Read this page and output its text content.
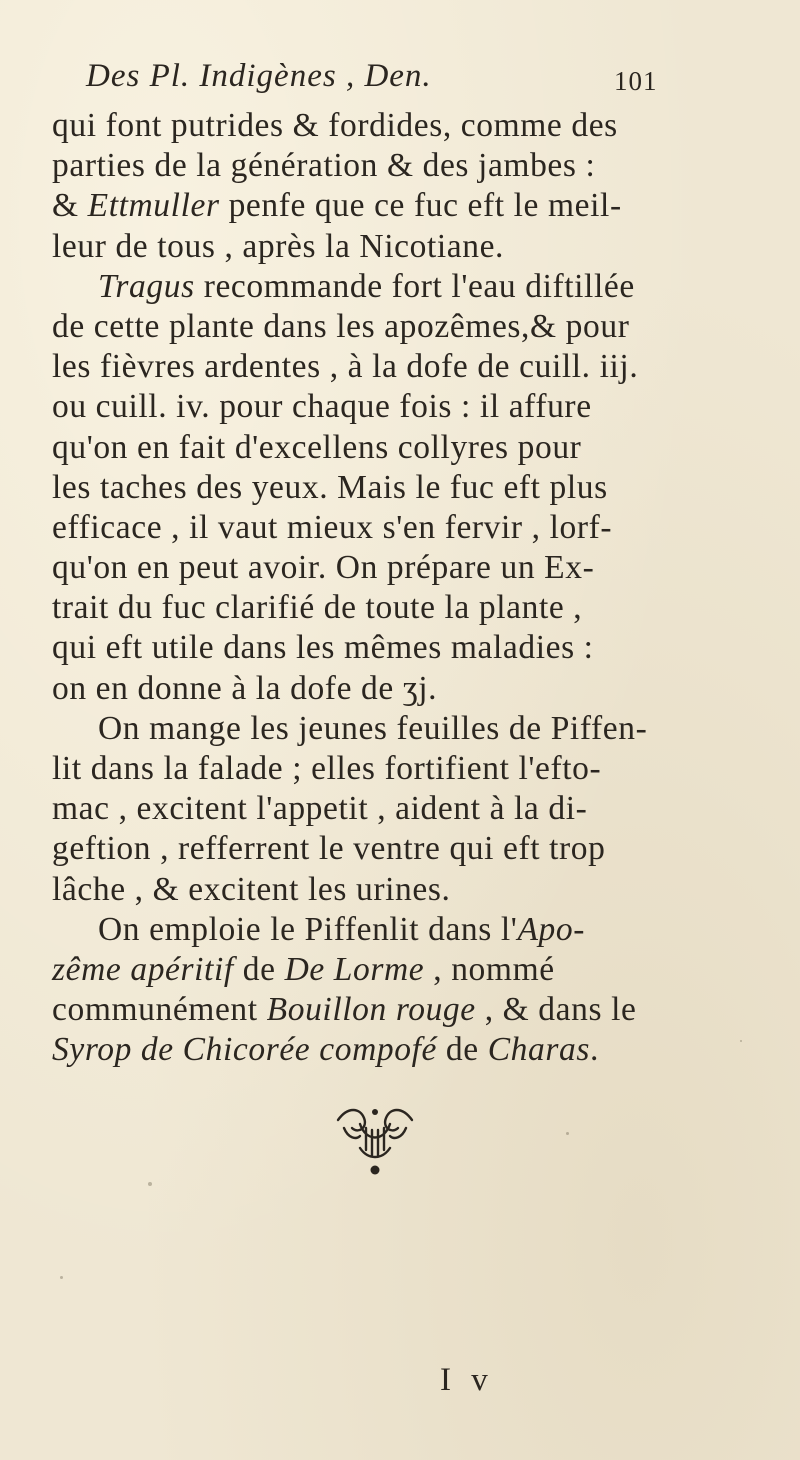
Des Pl. Indigènes , Den.	101
qui font putrides & fordides, comme des
parties de la génération & des jambes :
& Ettmuller penfe que ce fuc eft le meil-
leur de tous , après la Nicotiane.
Tragus recommande fort l'eau diftillée
de cette plante dans les apozêmes,& pour
les fièvres ardentes , à la dofe de cuill. iij.
ou cuill. iv. pour chaque fois : il affure
qu'on en fait d'excellens collyres pour
les taches des yeux. Mais le fuc eft plus
efficace , il vaut mieux s'en fervir , lorf-
qu'on en peut avoir. On prépare un Ex-
trait du fuc clarifié de toute la plante ,
qui eft utile dans les mêmes maladies :
on en donne à la dofe de ʒj.
On mange les jeunes feuilles de Piffen-
lit dans la falade ; elles fortifient l'efto-
mac , excitent l'appetit , aident à la di-
geftion , refferrent le ventre qui eft trop
lâche , & excitent les urines.
On emploie le Piffenlit dans l'Apo-
zême apéritif de De Lorme , nommé
communément Bouillon rouge , & dans le
Syrop de Chicorée compofé de Charas.
I v
